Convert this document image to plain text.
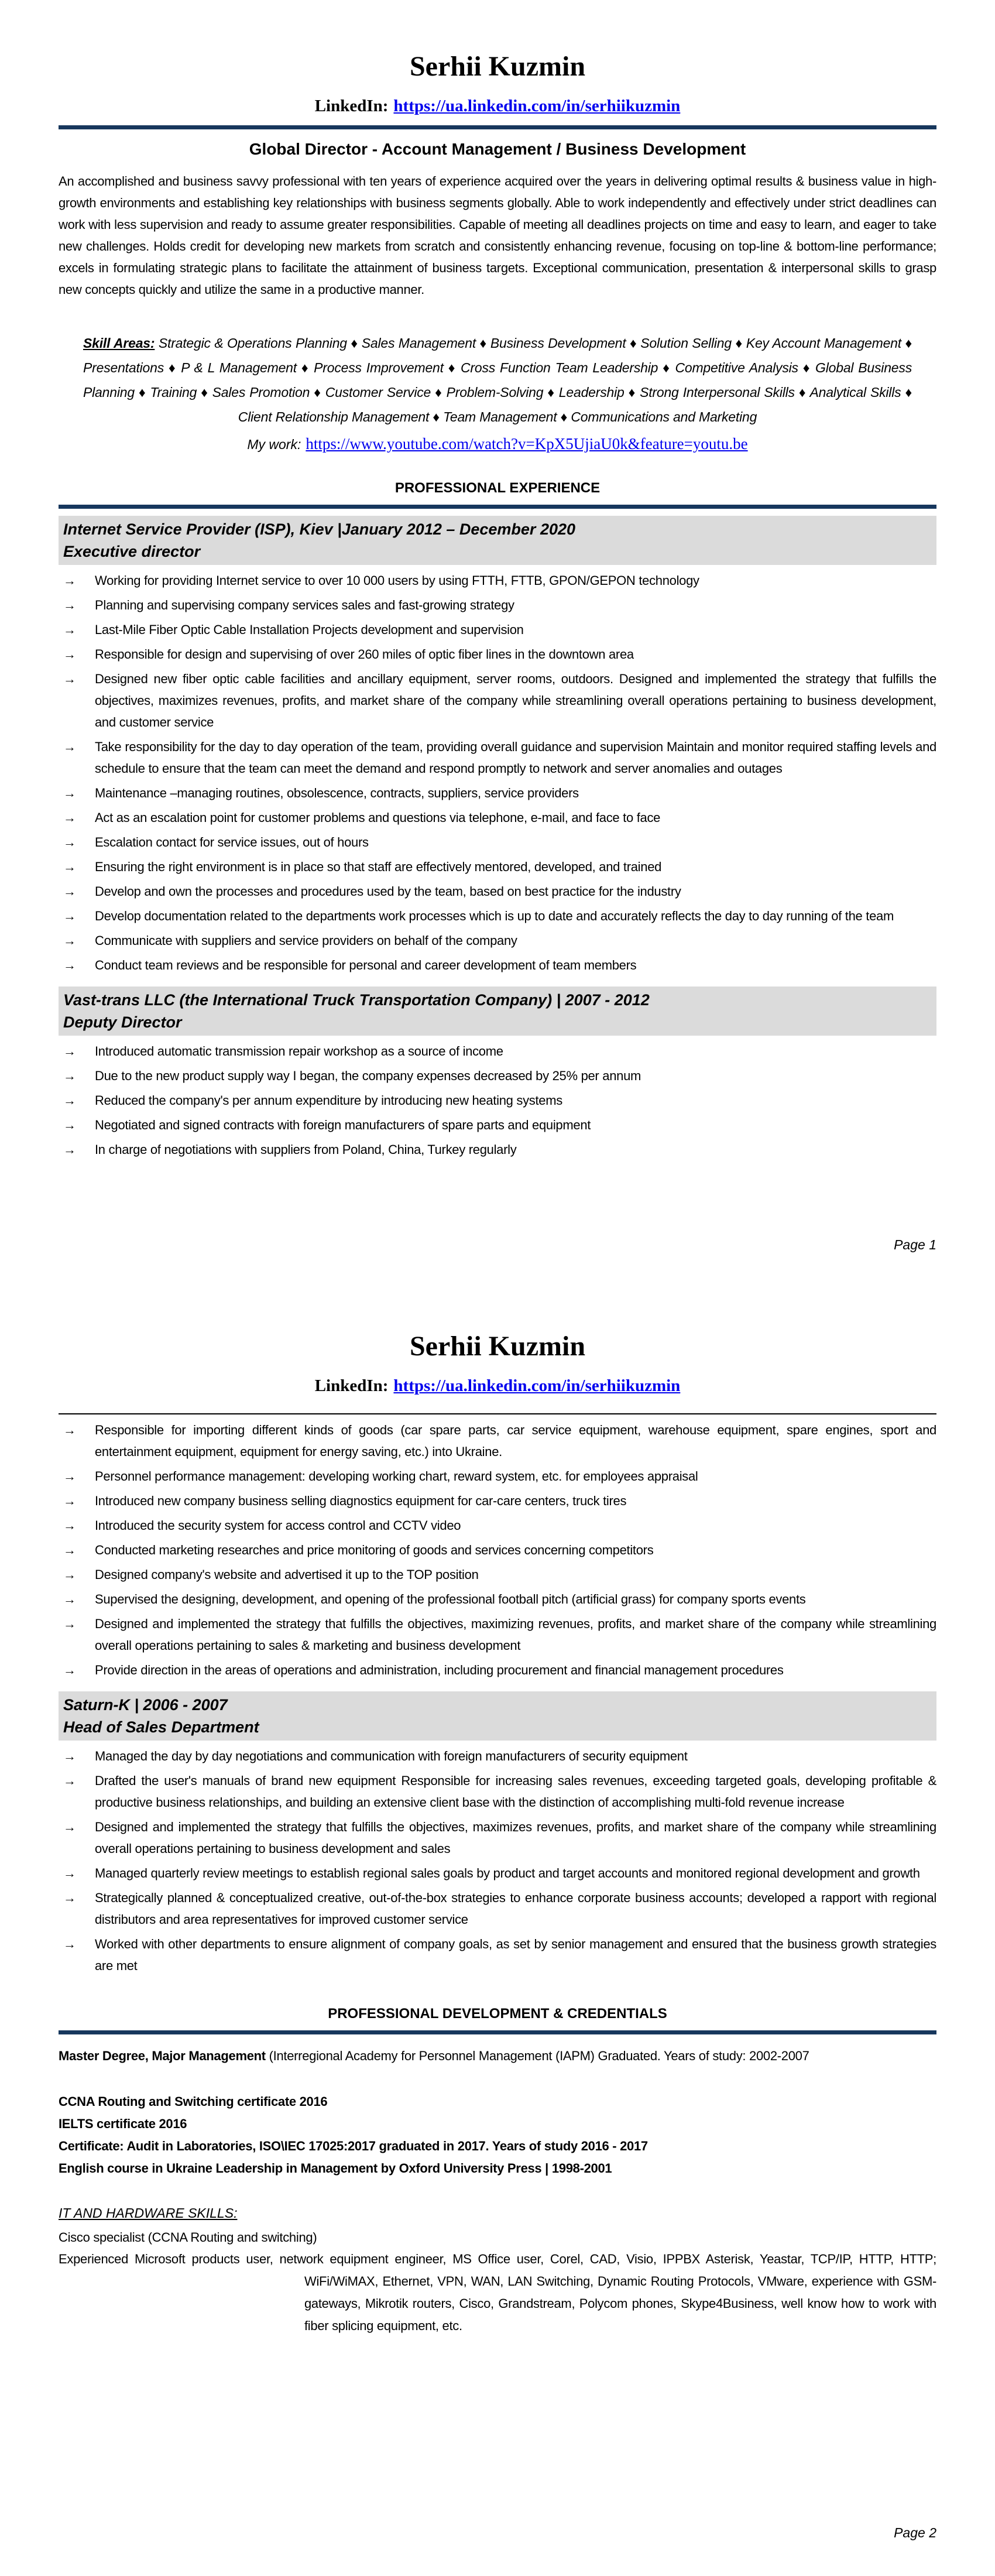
Serhii Kuzmin
LinkedIn: https://ua.linkedin.com/in/serhiikuzmin
Global Director - Account Management / Business Development

An accomplished and business savvy professional with ten years of experience acquired over the years in delivering optimal results & business value in high-growth environments and establishing key relationships with business segments globally. Able to work independently and effectively under strict deadlines can work with less supervision and ready to assume greater responsibilities. Capable of meeting all deadlines projects on time and easy to learn, and eager to take new challenges. Holds credit for developing new markets from scratch and consistently enhancing revenue, focusing on top-line & bottom-line performance; excels in formulating strategic plans to facilitate the attainment of business targets. Exceptional communication, presentation & interpersonal skills to grasp new concepts quickly and utilize the same in a productive manner.

Skill Areas: Strategic & Operations Planning ♦ Sales Management ♦ Business Development ♦ Solution Selling ♦ Key Account Management ♦ Presentations ♦ P & L Management ♦ Process Improvement ♦ Cross Function Team Leadership ♦ Competitive Analysis ♦ Global Business Planning ♦ Training ♦ Sales Promotion ♦ Customer Service ♦ Problem-Solving ♦ Leadership ♦ Strong Interpersonal Skills ♦ Analytical Skills ♦ Client Relationship Management ♦ Team Management ♦ Communications and Marketing

My work: https://www.youtube.com/watch?v=KpX5UjiaU0k&feature=youtu.be
PROFESSIONAL EXPERIENCE
Internet Service Provider (ISP), Kiev |January 2012 – December 2020
Executive director
→ Working for providing Internet service to over 10 000 users by using FTTH, FTTB, GPON/GEPON technology
→ Planning and supervising company services sales and fast-growing strategy
→ Last-Mile Fiber Optic Cable Installation Projects development and supervision
→ Responsible for design and supervising of over 260 miles of optic fiber lines in the downtown area
→ Designed new fiber optic cable facilities and ancillary equipment, server rooms, outdoors. Designed and implemented the strategy that fulfills the objectives, maximizes revenues, profits, and market share of the company while streamlining overall operations pertaining to business development, and customer service
→ Take responsibility for the day to day operation of the team, providing overall guidance and supervision Maintain and monitor required staffing levels and schedule to ensure that the team can meet the demand and respond promptly to network and server anomalies and outages
→ Maintenance –managing routines, obsolescence, contracts, suppliers, service providers
→ Act as an escalation point for customer problems and questions via telephone, e-mail, and face to face
→ Escalation contact for service issues, out of hours
→ Ensuring the right environment is in place so that staff are effectively mentored, developed, and trained
→ Develop and own the processes and procedures used by the team, based on best practice for the industry
→ Develop documentation related to the departments work processes which is up to date and accurately reflects the day to day running of the team
→ Communicate with suppliers and service providers on behalf of the company
→ Conduct team reviews and be responsible for personal and career development of team members
Vast-trans LLC (the International Truck Transportation Company) | 2007 - 2012
Deputy Director
→ Introduced automatic transmission repair workshop as a source of income
→ Due to the new product supply way I began, the company expenses decreased by 25% per annum
→ Reduced the company's per annum expenditure by introducing new heating systems
→ Negotiated and signed contracts with foreign manufacturers of spare parts and equipment
→ In charge of negotiations with suppliers from Poland, China, Turkey regularly
Page 1
Serhii Kuzmin
LinkedIn: https://ua.linkedin.com/in/serhiikuzmin
→ Responsible for importing different kinds of goods (car spare parts, car service equipment, warehouse equipment, spare engines, sport and entertainment equipment, equipment for energy saving, etc.) into Ukraine.
→ Personnel performance management: developing working chart, reward system, etc. for employees appraisal
→ Introduced new company business selling diagnostics equipment for car-care centers, truck tires
→ Introduced the security system for access control and CCTV video
→ Conducted marketing researches and price monitoring of goods and services concerning competitors
→ Designed company's website and advertised it up to the TOP position
→ Supervised the designing, development, and opening of the professional football pitch (artificial grass) for company sports events
→ Designed and implemented the strategy that fulfills the objectives, maximizing revenues, profits, and market share of the company while streamlining overall operations pertaining to sales & marketing and business development
→ Provide direction in the areas of operations and administration, including procurement and financial management procedures
Saturn-K | 2006 - 2007
Head of Sales Department
→ Managed the day by day negotiations and communication with foreign manufacturers of security equipment
→ Drafted the user's manuals of brand new equipment Responsible for increasing sales revenues, exceeding targeted goals, developing profitable & productive business relationships, and building an extensive client base with the distinction of accomplishing multi-fold revenue increase
→ Designed and implemented the strategy that fulfills the objectives, maximizes revenues, profits, and market share of the company while streamlining overall operations pertaining to business development and sales
→ Managed quarterly review meetings to establish regional sales goals by product and target accounts and monitored regional development and growth
→ Strategically planned & conceptualized creative, out-of-the-box strategies to enhance corporate business accounts; developed a rapport with regional distributors and area representatives for improved customer service
→ Worked with other departments to ensure alignment of company goals, as set by senior management and ensured that the business growth strategies are met
PROFESSIONAL DEVELOPMENT & CREDENTIALS

Master Degree, Major Management (Interregional Academy for Personnel Management (IAPM) Graduated. Years of study: 2002-2007

CCNA Routing and Switching certificate 2016
IELTS certificate 2016
Certificate: Audit in Laboratories, ISO\IEC 17025:2017 graduated in 2017. Years of study 2016 - 2017
English course in Ukraine Leadership in Management by Oxford University Press | 1998-2001
IT AND HARDWARE SKILLS:
Cisco specialist (CCNA Routing and switching)

Experienced Microsoft products user, network equipment engineer, MS Office user, Corel, CAD, Visio, IPPBX Asterisk, Yeastar, TCP/IP, HTTP, HTTP; WiFi/WiMAX, Ethernet, VPN, WAN, LAN Switching, Dynamic Routing Protocols, VMware, experience with GSM-gateways, Mikrotik routers, Cisco, Grandstream, Polycom phones, Skype4Business, well know how to work with fiber splicing equipment, etc.

Page 2
